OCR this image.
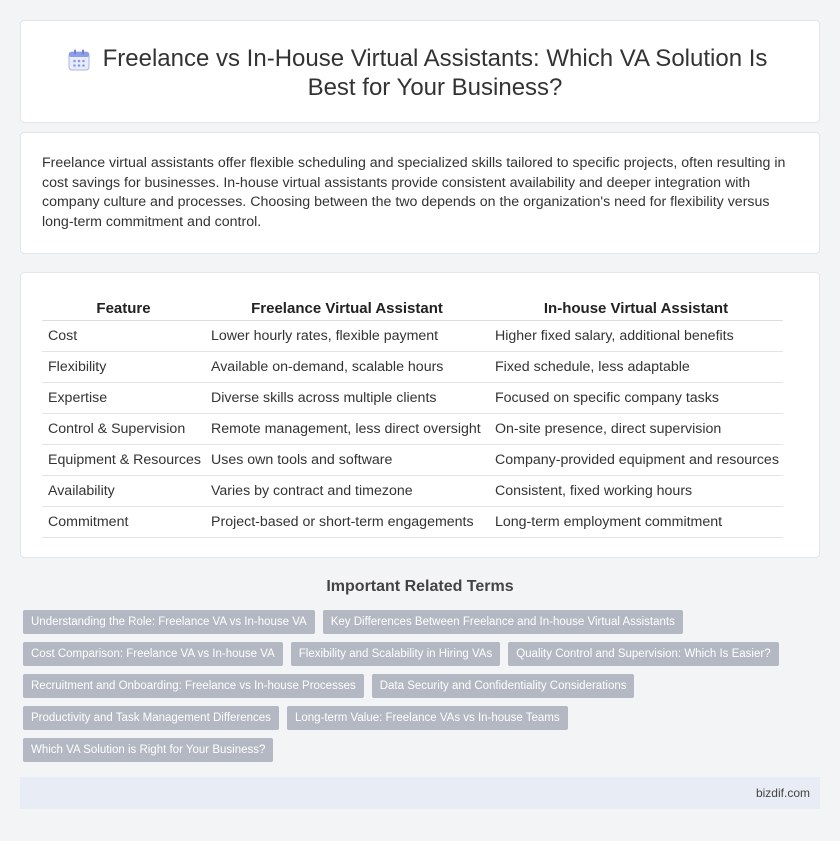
Freelance vs In-House Virtual Assistants: Which VA Solution Is Best for Your Business?

Freelance virtual assistants offer flexible scheduling and specialized skills tailored to specific projects, often resulting in cost savings for businesses. In-house virtual assistants provide consistent availability and deeper integration with company culture and processes. Choosing between the two depends on the organization's need for flexibility versus long-term commitment and control.

Feature	Freelance Virtual Assistant	In-house Virtual Assistant
Cost	Lower hourly rates, flexible payment	Higher fixed salary, additional benefits
Flexibility	Available on-demand, scalable hours	Fixed schedule, less adaptable
Expertise	Diverse skills across multiple clients	Focused on specific company tasks
Control & Supervision	Remote management, less direct oversight	On-site presence, direct supervision
Equipment & Resources	Uses own tools and software	Company-provided equipment and resources
Availability	Varies by contract and timezone	Consistent, fixed working hours
Commitment	Project-based or short-term engagements	Long-term employment commitment
Important Related Terms
Understanding the Role: Freelance VA vs In-house VA	Key Differences Between Freelance and In-house Virtual Assistants
Cost Comparison: Freelance VA vs In-house VA	Flexibility and Scalability in Hiring VAs	Quality Control and Supervision: Which Is Easier?
Recruitment and Onboarding: Freelance vs In-house Processes	Data Security and Confidentiality Considerations
Productivity and Task Management Differences	Long-term Value: Freelance VAs vs In-house Teams
Which VA Solution is Right for Your Business?
bizdif.com
